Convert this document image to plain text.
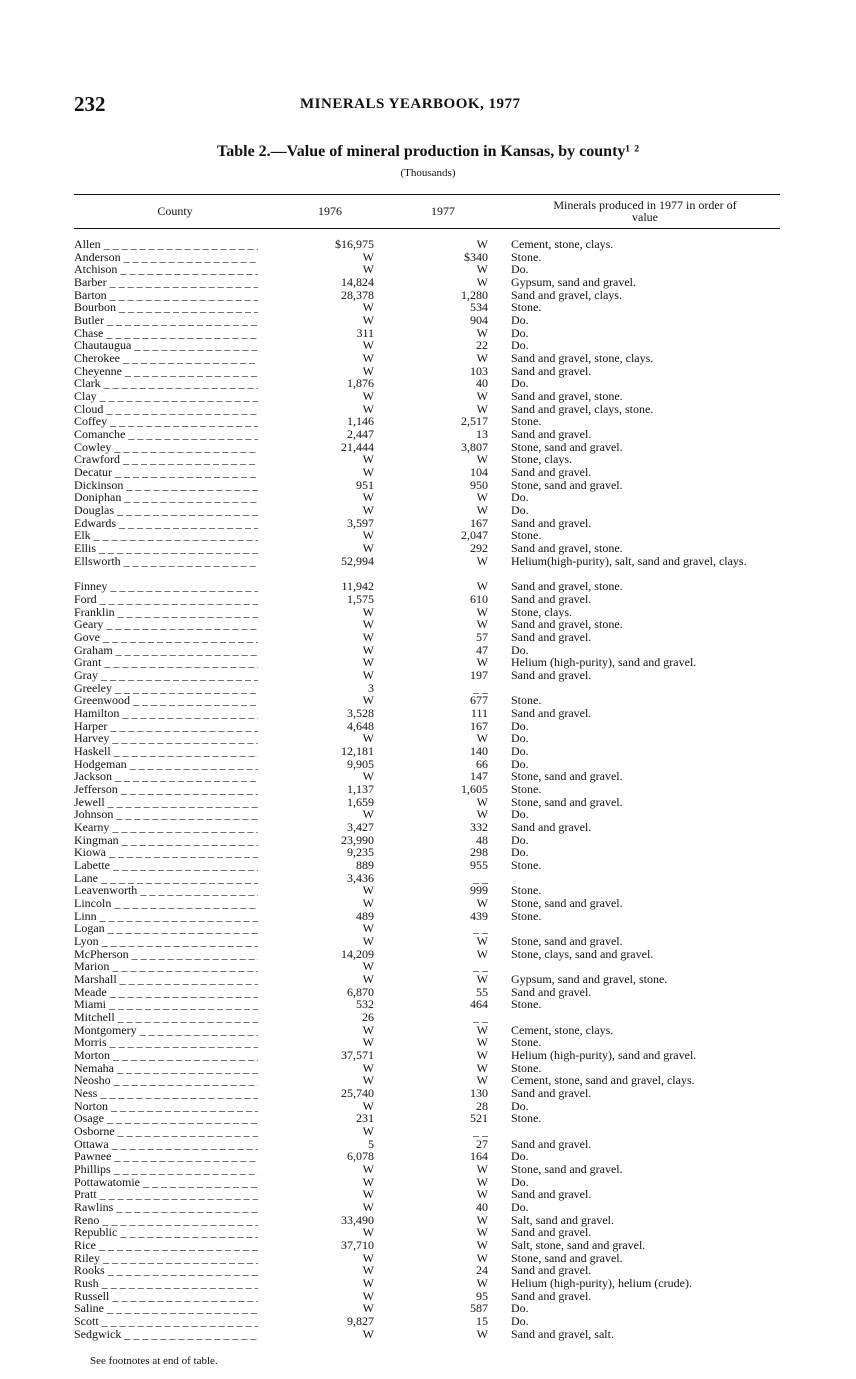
232	MINERALS YEARBOOK, 1977
Table 2.—Value of mineral production in Kansas, by county¹ ²
(Thousands)
County	1976	1977	Minerals produced in 1977 in order of value
Allen _ _ _	$16,975	W Cement, stone, clays.
Anderson _ _ _	W	$340 Stone.
Atchison _ _ _	W	W Do.
Barber _ _ _	14,824	W Gypsum, sand and gravel.
Barton _ _ _	28,378	1,280 Sand and gravel, clays.
Bourbon _ _ _	W	534 Stone.
Butler _ _ _	W	904 Do.
Chase _ _ _	311	W Do.
Chautaugua _ _ _	W	22 Do.
Cherokee _ _ _	W	W Sand and gravel, stone, clays.
Cheyenne _ _ _	W	103 Sand and gravel.
Clark _ _ _	1,876	40 Do.
Clay _ _ _	W	W Sand and gravel, stone.
Cloud _ _ _	W	W Sand and gravel, clays, stone.
Coffey _ _ _	1,146	2,517 Stone.
Comanche _ _ _	2,447	13 Sand and gravel.
Cowley _ _ _	21,444	3,807 Stone, sand and gravel.
Crawford _ _ _	W	W Stone, clays.
Decatur _ _ _	W	104 Sand and gravel.
Dickinson _ _ _	951	950 Stone, sand and gravel.
Doniphan _ _ _	W	W Do.
Douglas _ _ _	W	W Do.
Edwards _ _ _	3,597	167 Sand and gravel.
Elk _ _ _	W	2,047 Stone.
Ellis _ _ _	W	292 Sand and gravel, stone.
Ellsworth _ _ _	52,994	W Helium(high-purity), salt, sand and gravel, clays.
Finney _ _ _	11,942	W Sand and gravel, stone.
Ford _ _ _	1,575	610 Sand and gravel.
Franklin _ _ _	W	W Stone, clays.
Geary _ _ _	W	W Sand and gravel, stone.
Gove _ _ _	W	57 Sand and gravel.
Graham _ _ _	W	47 Do.
Grant _ _ _	W	W Helium (high-purity), sand and gravel.
Gray _ _ _	W	197 Sand and gravel.
Greeley _ _ _	3	_ _
Greenwood _ _ _	W	677 Stone.
Hamilton _ _ _	3,528	111 Sand and gravel.
Harper _ _ _	4,648	167 Do.
Harvey _ _ _	W	W Do.
Haskell _ _ _	12,181	140 Do.
Hodgeman _ _ _	9,905	66 Do.
Jackson _ _ _	W	147 Stone, sand and gravel.
Jefferson _ _ _	1,137	1,605 Stone.
Jewell _ _ _	1,659	W Stone, sand and gravel.
Johnson _ _ _	W	W Do.
Kearny _ _ _	3,427	332 Sand and gravel.
Kingman _ _ _	23,990	48 Do.
Kiowa _ _ _	9,235	298 Do.
Labette _ _ _	889	955 Stone.
Lane _ _ _	3,436	_ _
Leavenworth _ _ _	W	999 Stone.
Lincoln _ _ _	W	W Stone, sand and gravel.
Linn _ _ _	489	439 Stone.
Logan _ _ _	W	_ _
Lyon _ _ _	W	W Stone, sand and gravel.
McPherson _ _ _	14,209	W Stone, clays, sand and gravel.
Marion _ _ _	W	_ _
Marshall _ _ _	W	W Gypsum, sand and gravel, stone.
Meade _ _ _	6,870	55 Sand and gravel.
Miami _ _ _	532	464 Stone.
Mitchell _ _ _	26	_ _
Montgomery _ _ _	W	W Cement, stone, clays.
Morris _ _ _	W	W Stone.
Morton _ _ _	37,571	W Helium (high-purity), sand and gravel.
Nemaha _ _ _	W	W Stone.
Neosho _ _ _	W	W Cement, stone, sand and gravel, clays.
Ness _ _ _	25,740	130 Sand and gravel.
Norton _ _ _	W	28 Do.
Osage _ _ _	231	521 Stone.
Osborne _ _ _	W	_ _
Ottawa _ _ _	5	27 Sand and gravel.
Pawnee _ _ _	6,078	164 Do.
Phillips _ _ _	W	W Stone, sand and gravel.
Pottawatomie _ _ _	W	W Do.
Pratt _ _ _	W	W Sand and gravel.
Rawlins _ _ _	W	40 Do.
Reno _ _ _	33,490	W Salt, sand and gravel.
Republic _ _ _	W	W Sand and gravel.
Rice _ _ _	37,710	W Salt, stone, sand and gravel.
Riley _ _ _	W	W Stone, sand and gravel.
Rooks _ _ _	W	24 Sand and gravel.
Rush _ _ _	W	W Helium (high-purity), helium (crude).
Russell _ _ _	W	95 Sand and gravel.
Saline _ _ _	W	587 Do.
Scott _ _ _	9,827	15 Do.
Sedgwick _ _ _	W	W Sand and gravel, salt.
See footnotes at end of table.
